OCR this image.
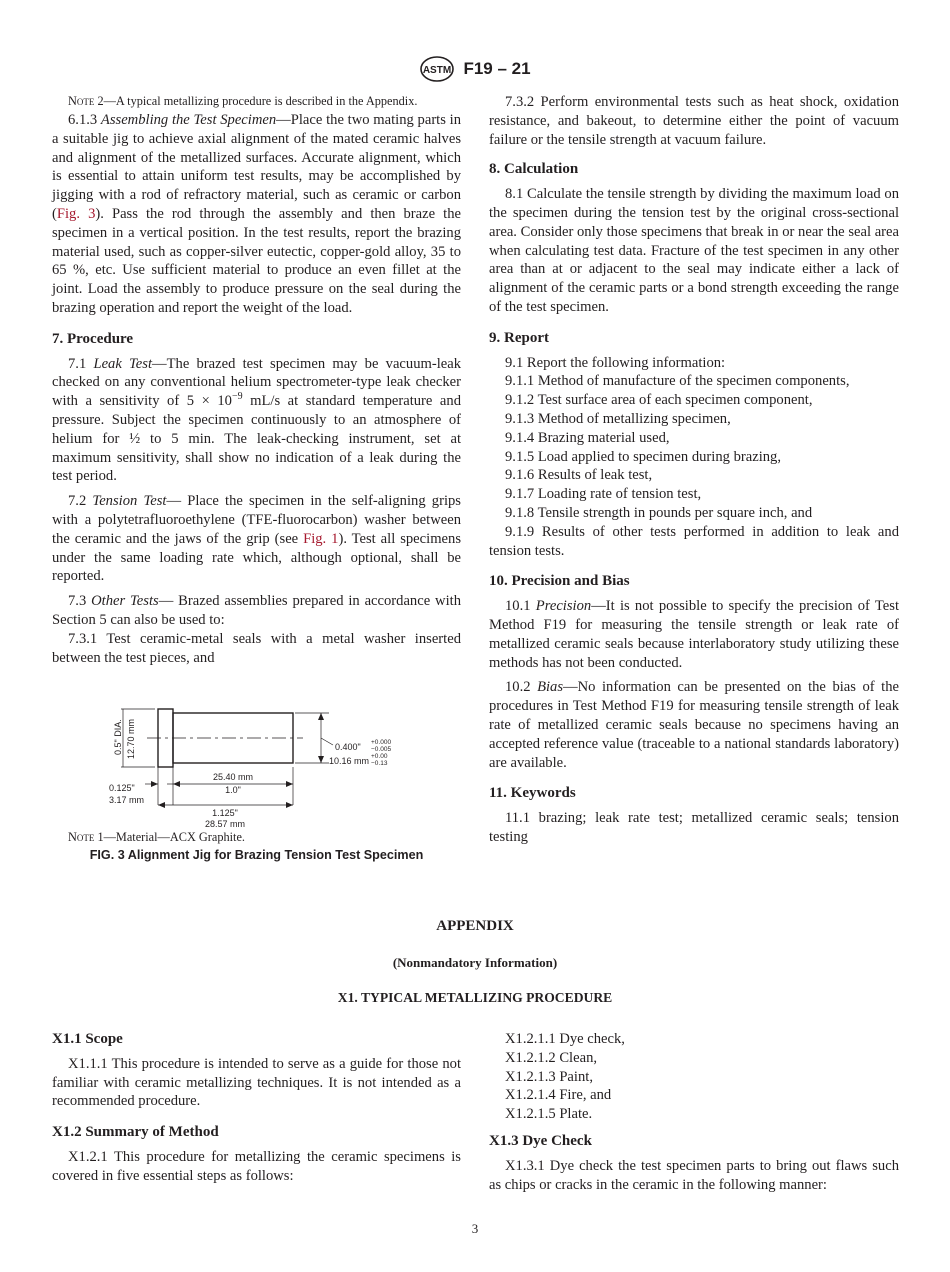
ASTM F19 – 21

Note 2—A typical metallizing procedure is described in the Appendix.

6.1.3 Assembling the Test Specimen—Place the two mating parts in a suitable jig to achieve axial alignment of the mated ceramic halves and alignment of the metallized surfaces. Accurate alignment, which is essential to attain uniform test results, may be accomplished by jigging with a rod of refractory material, such as ceramic or carbon (Fig. 3). Pass the rod through the assembly and then braze the specimen in a vertical position. In the test results, report the brazing material used, such as copper-silver eutectic, copper-gold alloy, 35 to 65 %, etc. Use sufficient material to produce an even fillet at the joint. Load the assembly to produce pressure on the seal during the brazing operation and report the weight of the load.

7. Procedure

7.1 Leak Test—The brazed test specimen may be vacuum-leak checked on any conventional helium spectrometer-type leak checker with a sensitivity of $5 \times 10^{-9}$ mL/s at standard temperature and pressure. Subject the specimen continuously to an atmosphere of helium for ½ to 5 min. The leak-checking instrument, set at maximum sensitivity, shall show no indication of a leak during the test period.

7.2 Tension Test— Place the specimen in the self-aligning grips with a polytetrafluoroethylene (TFE-fluorocarbon) washer between the ceramic and the jaws of the grip (see Fig. 1). Test all specimens under the same loading rate which, although optional, shall be reported.

7.3 Other Tests— Brazed assemblies prepared in accordance with Section 5 can also be used to:

7.3.1 Test ceramic-metal seals with a metal washer inserted between the test pieces, and

0.5" DIA. 12.70 mm	0.400" +0.000
−0.005
10.16 mm +0.00
−0.13
25.40 mm
1.0"
0.125"
3.17 mm
1.125"
28.57 mm

Note 1—Material—ACX Graphite.

FIG. 3 Alignment Jig for Brazing Tension Test Specimen

7.3.2 Perform environmental tests such as heat shock, oxidation resistance, and bakeout, to determine either the point of vacuum failure or the tensile strength at vacuum failure.

8. Calculation

8.1 Calculate the tensile strength by dividing the maximum load on the specimen during the tension test by the original cross-sectional area. Consider only those specimens that break in or near the seal area when calculating test data. Fracture of the test specimen in any other area than at or adjacent to the seal may indicate either a lack of alignment of the ceramic parts or a bond strength exceeding the range of the test specimen.

9. Report

9.1 Report the following information:

9.1.1 Method of manufacture of the specimen components,

9.1.2 Test surface area of each specimen component,

9.1.3 Method of metallizing specimen,

9.1.4 Brazing material used,

9.1.5 Load applied to specimen during brazing,

9.1.6 Results of leak test,

9.1.7 Loading rate of tension test,

9.1.8 Tensile strength in pounds per square inch, and

9.1.9 Results of other tests performed in addition to leak and tension tests.

10. Precision and Bias

10.1 Precision—It is not possible to specify the precision of Test Method F19 for measuring the tensile strength or leak rate of metallized ceramic seals because interlaboratory study utilizing these methods has not been conducted.

10.2 Bias—No information can be presented on the bias of the procedures in Test Method F19 for measuring tensile strength of leak rate of metallized ceramic seals because no specimens having an accepted reference value (traceable to a national standards laboratory) are available.

11. Keywords

11.1 brazing; leak rate test; metallized ceramic seals; tension testing

APPENDIX
(Nonmandatory Information)
X1. TYPICAL METALLIZING PROCEDURE

X1.1 Scope

X1.1.1 This procedure is intended to serve as a guide for those not familiar with ceramic metallizing techniques. It is not intended as a recommended procedure.

X1.2 Summary of Method

X1.2.1 This procedure for metallizing the ceramic specimens is covered in five essential steps as follows:

X1.2.1.1 Dye check,

X1.2.1.2 Clean,

X1.2.1.3 Paint,

X1.2.1.4 Fire, and

X1.2.1.5 Plate.

X1.3 Dye Check

X1.3.1 Dye check the test specimen parts to bring out flaws such as chips or cracks in the ceramic in the following manner:

3
